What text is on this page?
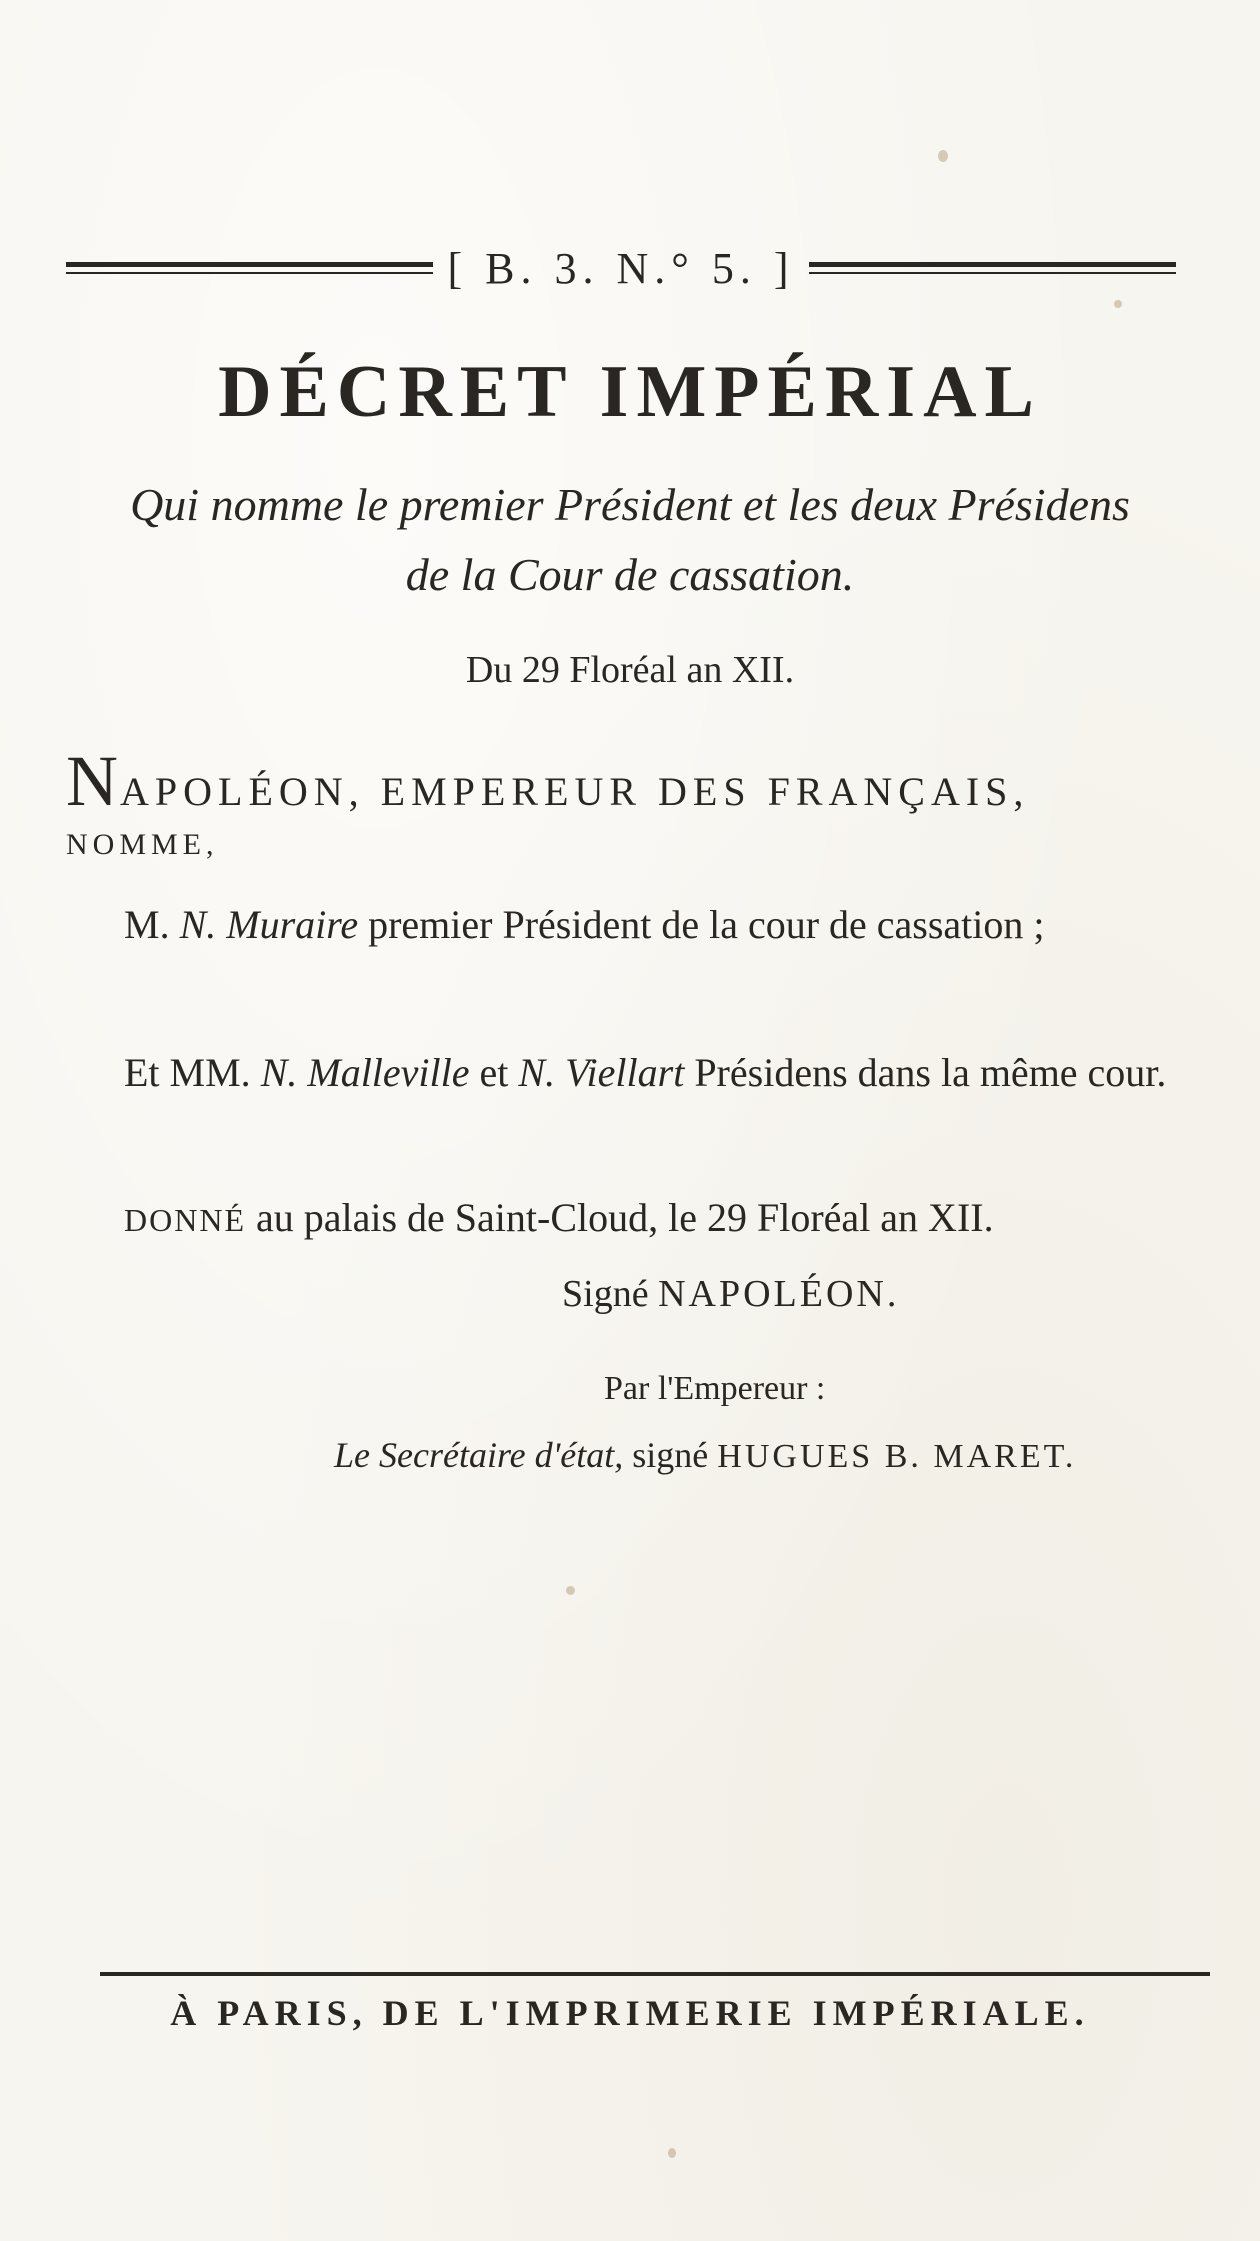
[ B. 3. N.° 5. ]
DÉCRET IMPÉRIAL
Qui nomme le premier Président et les deux Présidens
de la Cour de cassation.
Du 29 Floréal an XII.
NAPOLÉON, EMPEREUR DES FRANÇAIS,
NOMME,
M. N. Muraire premier Président de la cour de cassation ;
Et MM. N. Malleville et N. Viellart Présidens dans la même cour.
DONNÉ au palais de Saint-Cloud, le 29 Floréal an XII.
Signé NAPOLÉON.
Par l'Empereur :
Le Secrétaire d'état, signé HUGUES B. MARET.
À PARIS, DE L'IMPRIMERIE IMPÉRIALE.
